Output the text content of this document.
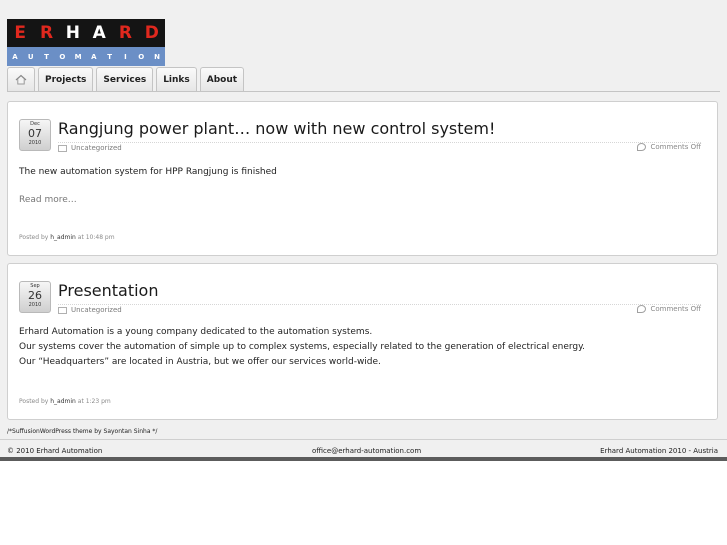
E R H A R D
A	U	T	O	M	A	T	I	O	N
Projects	Services	Links	About
Dec
07
2010
Rangjung power plant… now with new control system!
Uncategorized	Comments Off
The new automation system for HPP Rangjung is finished
Read more…
Posted by h_admin at 10:48 pm
Sep
26
2010
Presentation
Uncategorized	Comments Off
Erhard Automation is a young company dedicated to the automation systems.
Our systems cover the automation of simple up to complex systems, especially related to the generation of electrical energy.
Our “Headquarters” are located in Austria, but we offer our services world-wide.
Posted by h_admin at 1:23 pm
/*SuffusionWordPress theme by Sayontan Sinha */
© 2010 Erhard Automation	office@erhard-automation.com	Erhard Automation 2010 - Austria
